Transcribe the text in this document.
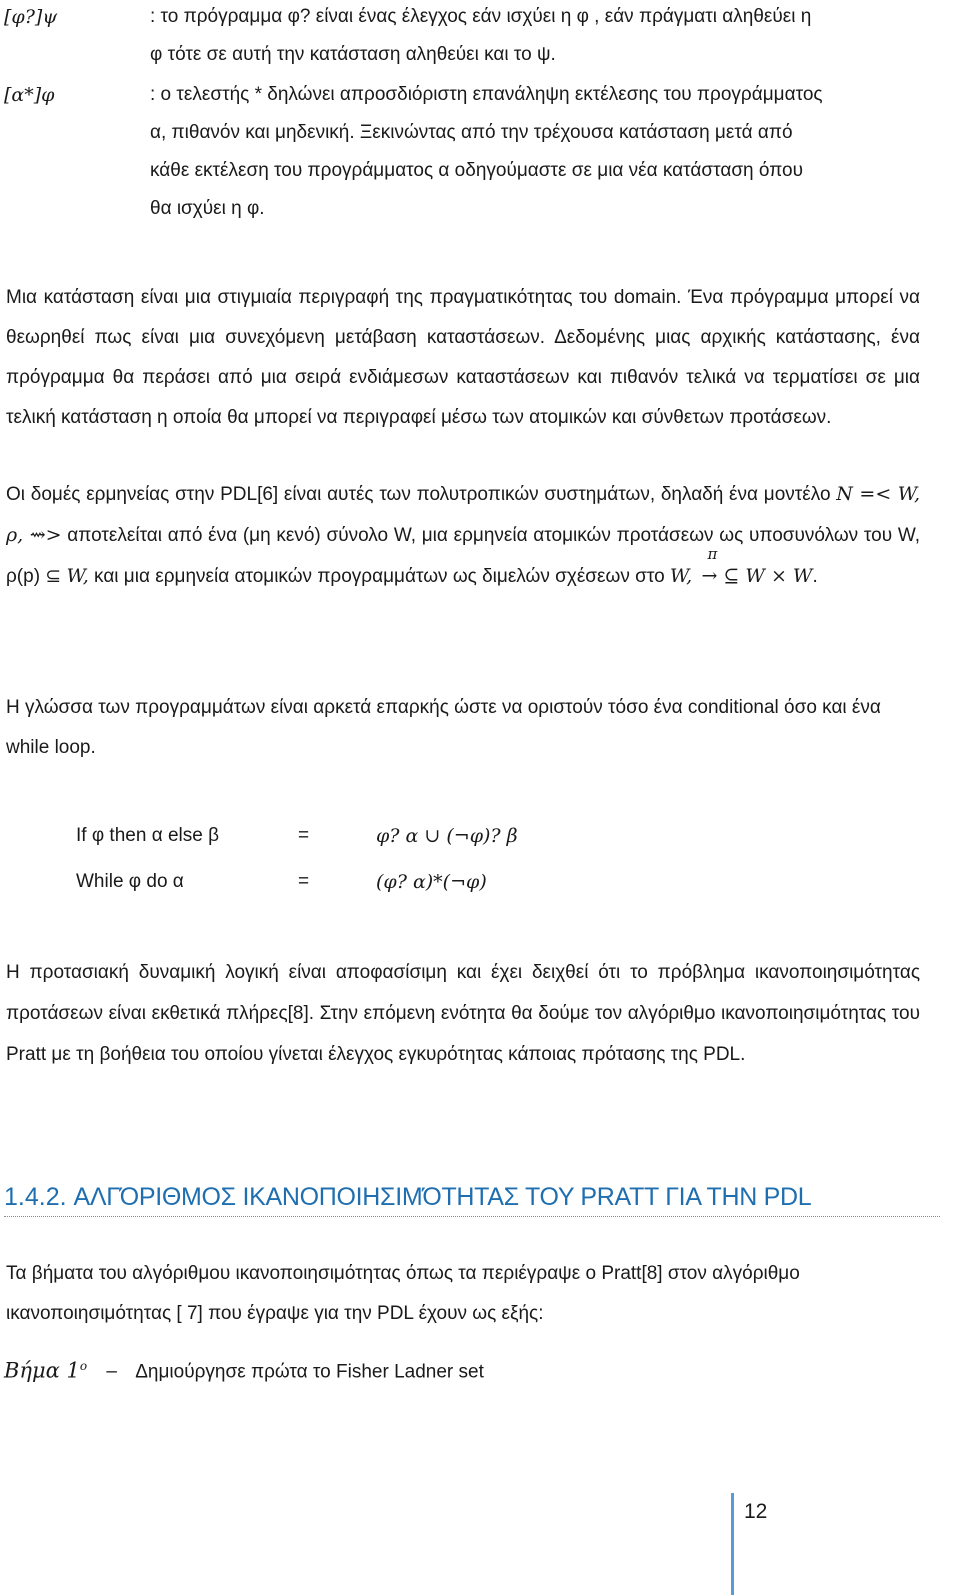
[φ?]ψ	: το πρόγραμμα φ? είναι ένας έλεγχος εάν ισχύει η φ , εάν πράγματι αληθεύει η
φ τότε σε αυτή την κατάσταση αληθεύει και το ψ.
[α*]φ	: ο τελεστής * δηλώνει απροσδιόριστη επανάληψη εκτέλεσης του προγράμματος
α, πιθανόν και μηδενική. Ξεκινώντας από την τρέχουσα κατάσταση μετά από
κάθε εκτέλεση του προγράμματος α οδηγούμαστε σε μια νέα κατάσταση όπου
θα ισχύει η φ.
Μια κατάσταση είναι μια στιγμιαία περιγραφή της πραγματικότητας του domain. Ένα πρόγραμμα μπορεί να θεωρηθεί πως είναι μια συνεχόμενη μετάβαση καταστάσεων. Δεδομένης μιας αρχικής κατάστασης, ένα πρόγραμμα θα περάσει από μια σειρά ενδιάμεσων καταστάσεων και πιθανόν τελικά να τερματίσει σε μια τελική κατάσταση η οποία θα μπορεί να περιγραφεί μέσω των ατομικών και σύνθετων προτάσεων.
Οι δομές ερμηνείας στην PDL[6] είναι αυτές των πολυτροπικών συστημάτων, δηλαδή ένα μοντέλο N =< W, ρ, ⇝> αποτελείται από ένα (μη κενό) σύνολο W, μια ερμηνεία ατομικών προτάσεων ως υποσυνόλων του W, ρ(p) ⊆ W, και μια ερμηνεία ατομικών προγραμμάτων ως διμελών σχέσεων στο W,
π
→ ⊆ W × W.
Η γλώσσα των προγραμμάτων είναι αρκετά επαρκής ώστε να οριστούν τόσο ένα conditional όσο και ένα while loop.
If φ then α else β	=	φ? α ∪ (¬φ)? β
While φ do α	=	(φ? α)*(¬φ)
Η προτασιακή δυναμική λογική είναι αποφασίσιμη και έχει δειχθεί ότι το πρόβλημα ικανοποιησιμότητας προτάσεων είναι εκθετικά πλήρες[8]. Στην επόμενη ενότητα θα δούμε τον αλγόριθμο ικανοποιησιμότητας του Pratt με τη βοήθεια του οποίου γίνεται έλεγχος εγκυρότητας κάποιας πρότασης της PDL.
1.4.2. ΑΛΓΌΡΙΘΜΟΣ ΙΚΑΝΟΠΟΙΗΣΙΜΌΤΗΤΑΣ ΤΟΥ PRATT ΓΙΑ ΤΗΝ PDL
Τα βήματα του αλγόριθμου ικανοποιησιμότητας όπως τα περιέγραψε ο Pratt[8] στον αλγόριθμο ικανοποιησιμότητας [ 7] που έγραψε για την PDL έχουν ως εξής:
Βήμα $1^o$ – Δημιούργησε πρώτα το Fisher Ladner set
12
